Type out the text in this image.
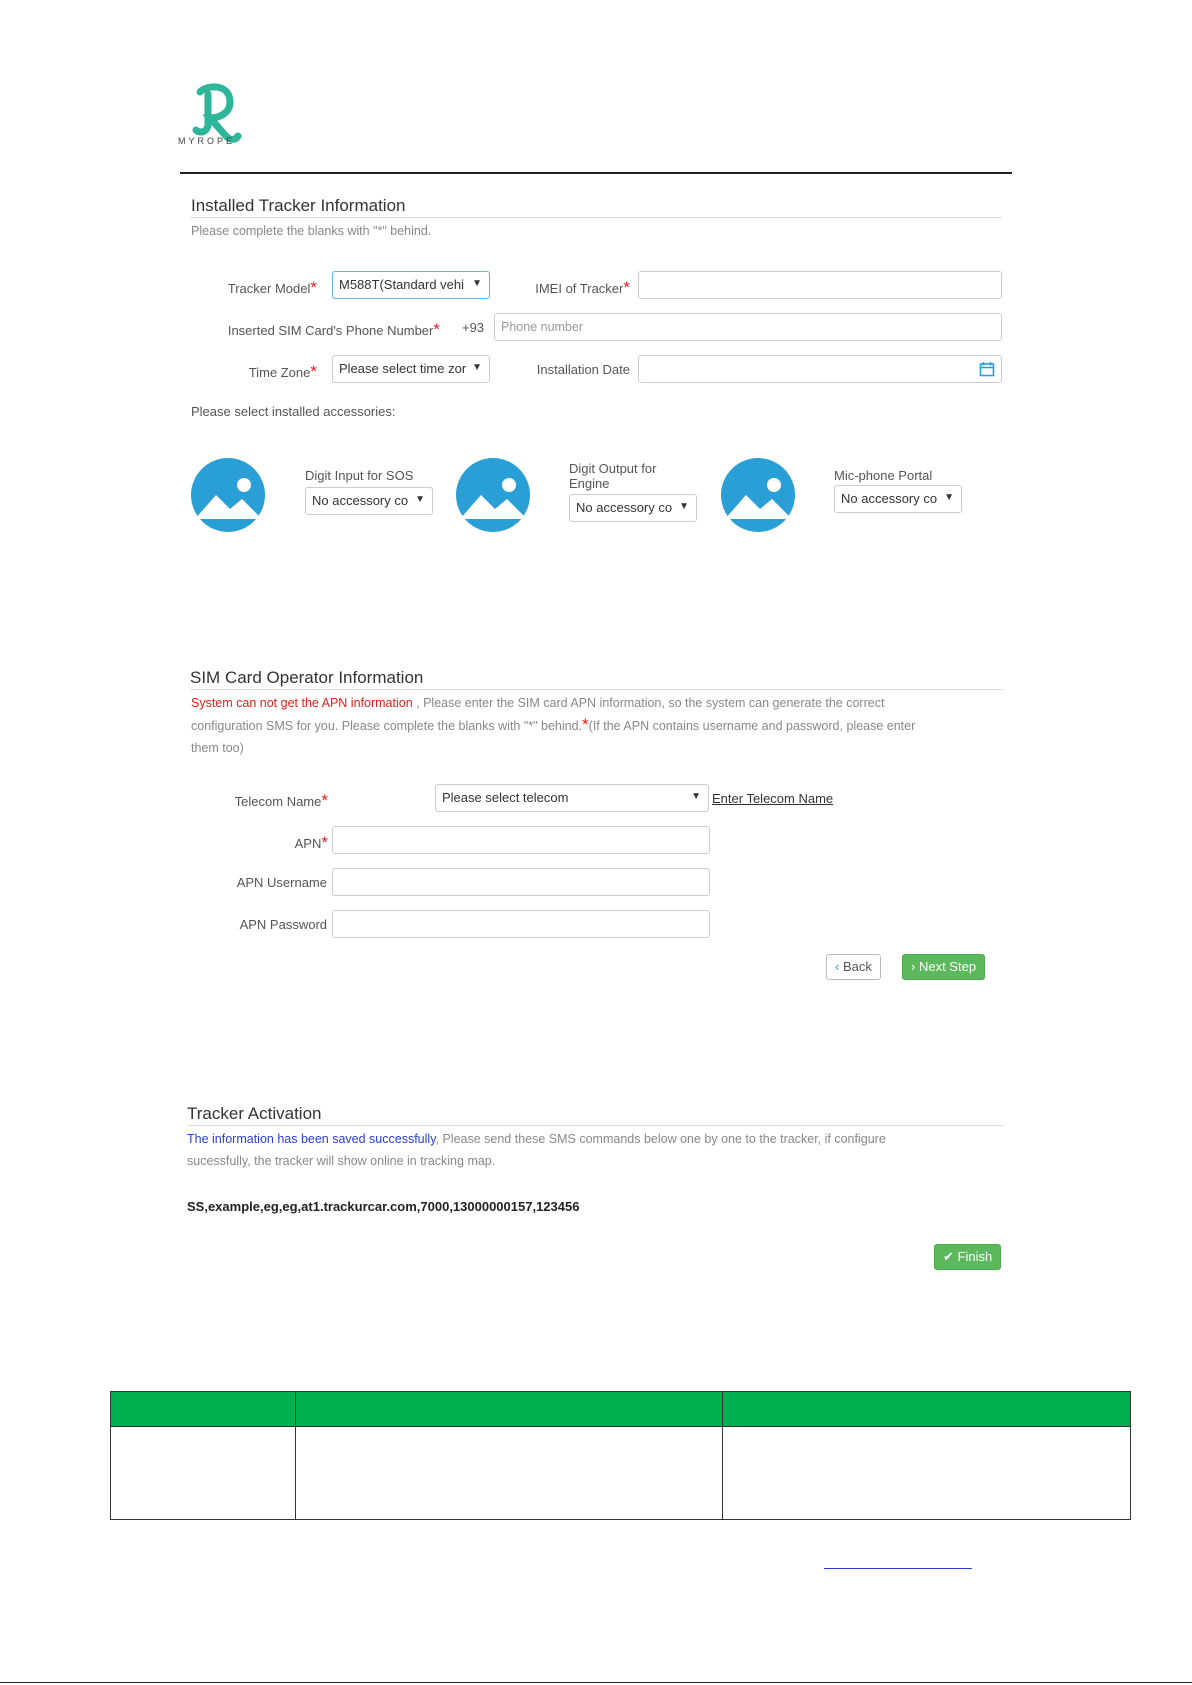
MYROPE
Installed Tracker Information
Please complete the blanks with "*" behind.
Tracker Model*	M588T(Standard vehi ▼	IMEI of Tracker*
Inserted SIM Card's Phone Number* +93	Phone number
Time Zone*	Please select time zor ▼	Installation Date
Please select installed accessories:
Digit Input for SOS
No accessory co ▼
Digit Output for Engine
No accessory co ▼
Mic-phone Portal
No accessory co ▼
SIM Card Operator Information
System can not get the APN information , Please enter the SIM card APN information, so the system can generate the correct
configuration SMS for you. Please complete the blanks with "*" behind.*(If the APN contains username and password, please enter
them too)
Telecom Name*	Please select telecom	▼ Enter Telecom Name
APN*
APN Username
APN Password
‹ Back	› Next Step
Tracker Activation
The information has been saved successfully, Please send these SMS commands below one by one to the tracker, if configure
sucessfully, the tracker will show online in tracking map.
SS,example,eg,eg,at1.trackurcar.com,7000,13000000157,123456
✔ Finish
